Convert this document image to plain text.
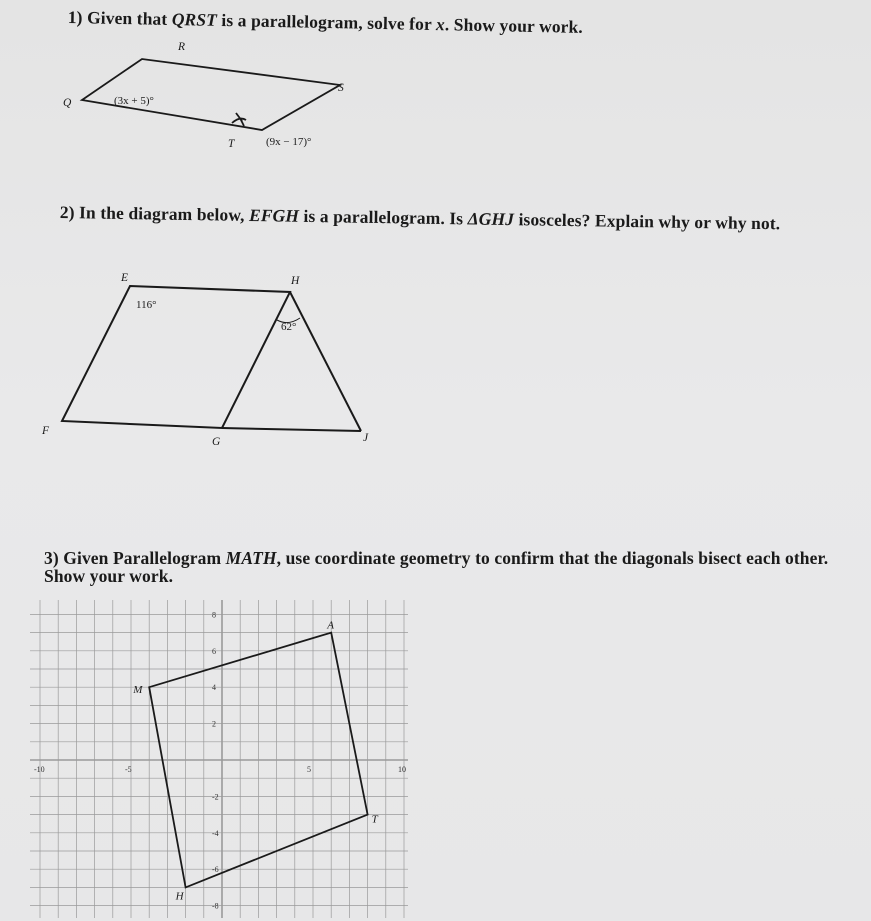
1) Given that QRST is a parallelogram, solve for x. Show your work.
Q
R
S
T
(3x + 5)°
(9x − 17)°
E	H
F
G	J
116°
62°
-10	-5	5	10
8
6
4
2
-2
-4
-6
-8
M
A
T
H
2) In the diagram below, EFGH is a parallelogram. Is ΔGHJ isosceles? Explain why or why not.
3) Given Parallelogram MATH, use coordinate geometry to confirm that the diagonals bisect each other. Show your work.
